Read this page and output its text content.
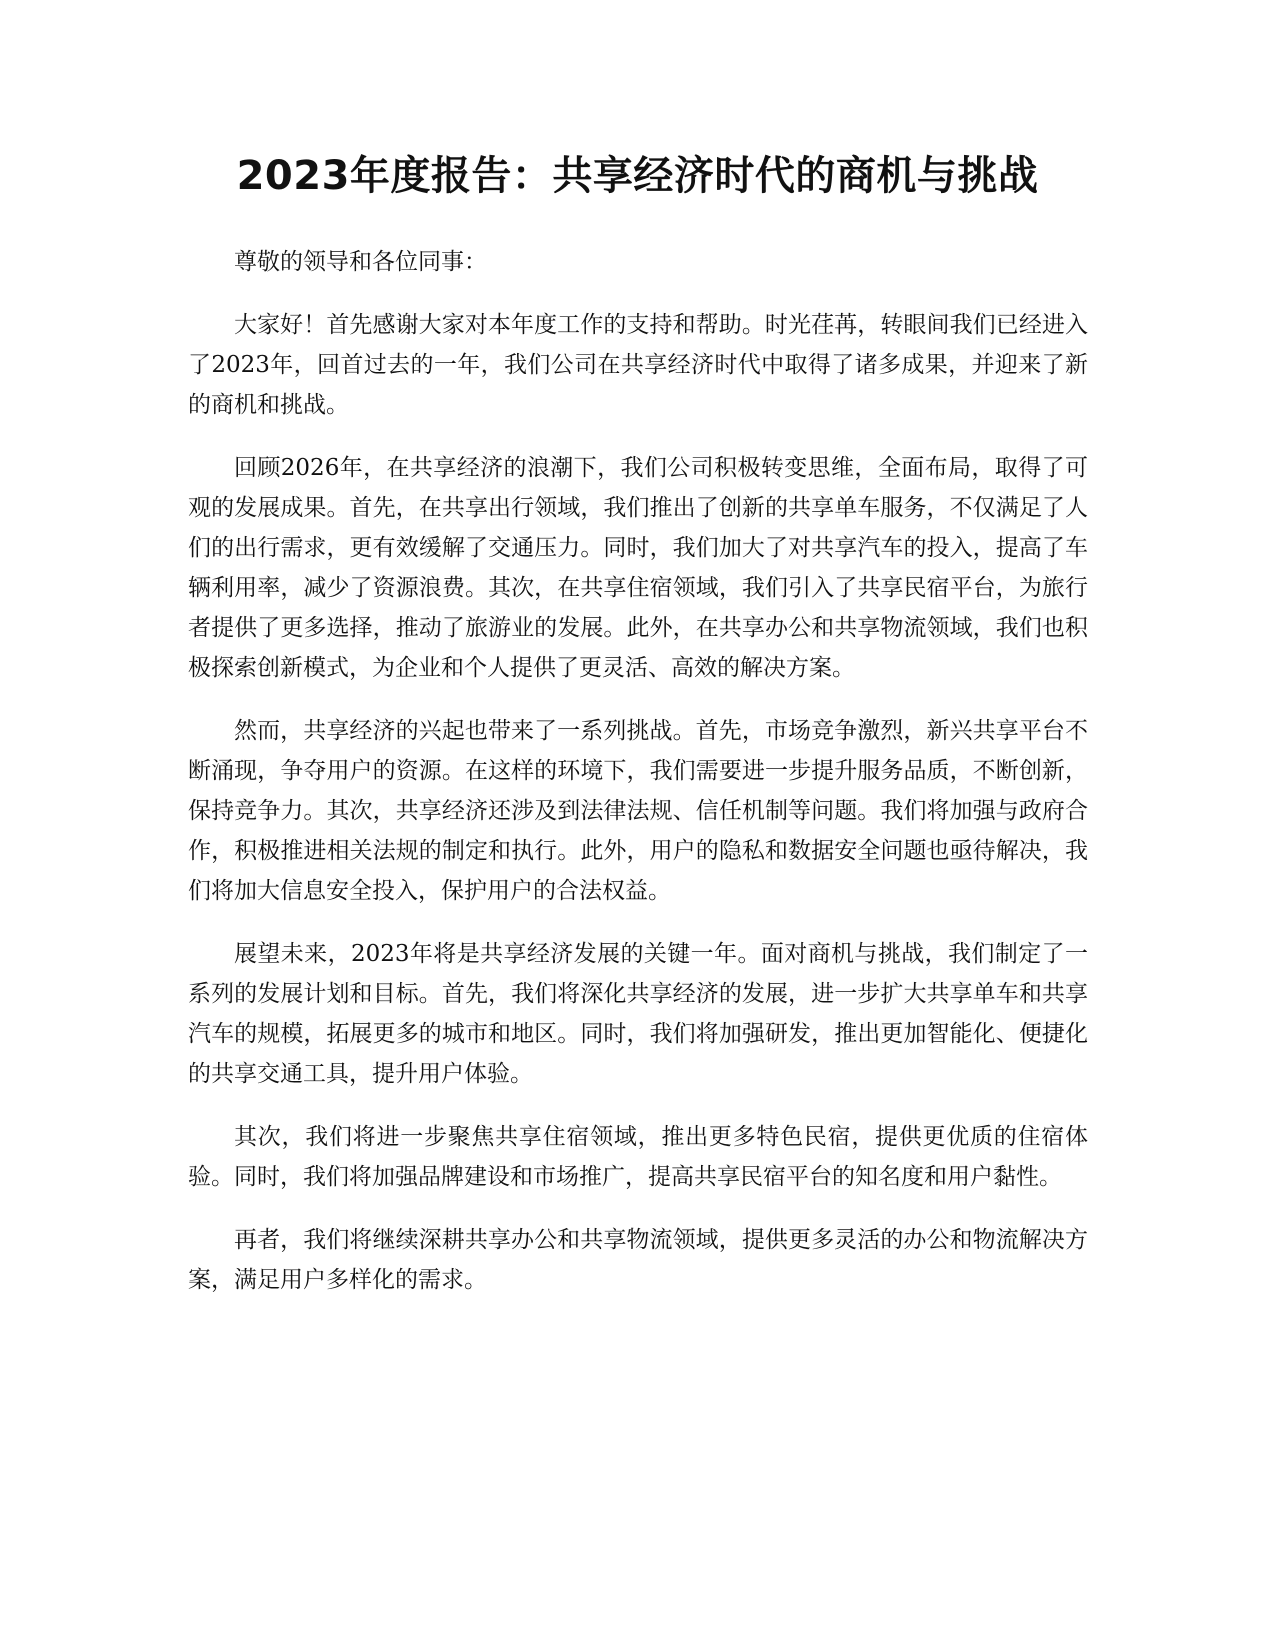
2023年度报告：共享经济时代的商机与挑战

尊敬的领导和各位同事：

大家好！首先感谢大家对本年度工作的支持和帮助。时光荏苒，转眼间我们已经进入了2023年，回首过去的一年，我们公司在共享经济时代中取得了诸多成果，并迎来了新的商机和挑战。

回顾2026年，在共享经济的浪潮下，我们公司积极转变思维，全面布局，取得了可观的发展成果。首先，在共享出行领域，我们推出了创新的共享单车服务，不仅满足了人们的出行需求，更有效缓解了交通压力。同时，我们加大了对共享汽车的投入，提高了车辆利用率，减少了资源浪费。其次，在共享住宿领域，我们引入了共享民宿平台，为旅行者提供了更多选择，推动了旅游业的发展。此外，在共享办公和共享物流领域，我们也积极探索创新模式，为企业和个人提供了更灵活、高效的解决方案。

然而，共享经济的兴起也带来了一系列挑战。首先，市场竞争激烈，新兴共享平台不断涌现，争夺用户的资源。在这样的环境下，我们需要进一步提升服务品质，不断创新，保持竞争力。其次，共享经济还涉及到法律法规、信任机制等问题。我们将加强与政府合作，积极推进相关法规的制定和执行。此外，用户的隐私和数据安全问题也亟待解决，我们将加大信息安全投入，保护用户的合法权益。

展望未来，2023年将是共享经济发展的关键一年。面对商机与挑战，我们制定了一系列的发展计划和目标。首先，我们将深化共享经济的发展，进一步扩大共享单车和共享汽车的规模，拓展更多的城市和地区。同时，我们将加强研发，推出更加智能化、便捷化的共享交通工具，提升用户体验。

其次，我们将进一步聚焦共享住宿领域，推出更多特色民宿，提供更优质的住宿体验。同时，我们将加强品牌建设和市场推广，提高共享民宿平台的知名度和用户黏性。

再者，我们将继续深耕共享办公和共享物流领域，提供更多灵活的办公和物流解决方案，满足用户多样化的需求。
